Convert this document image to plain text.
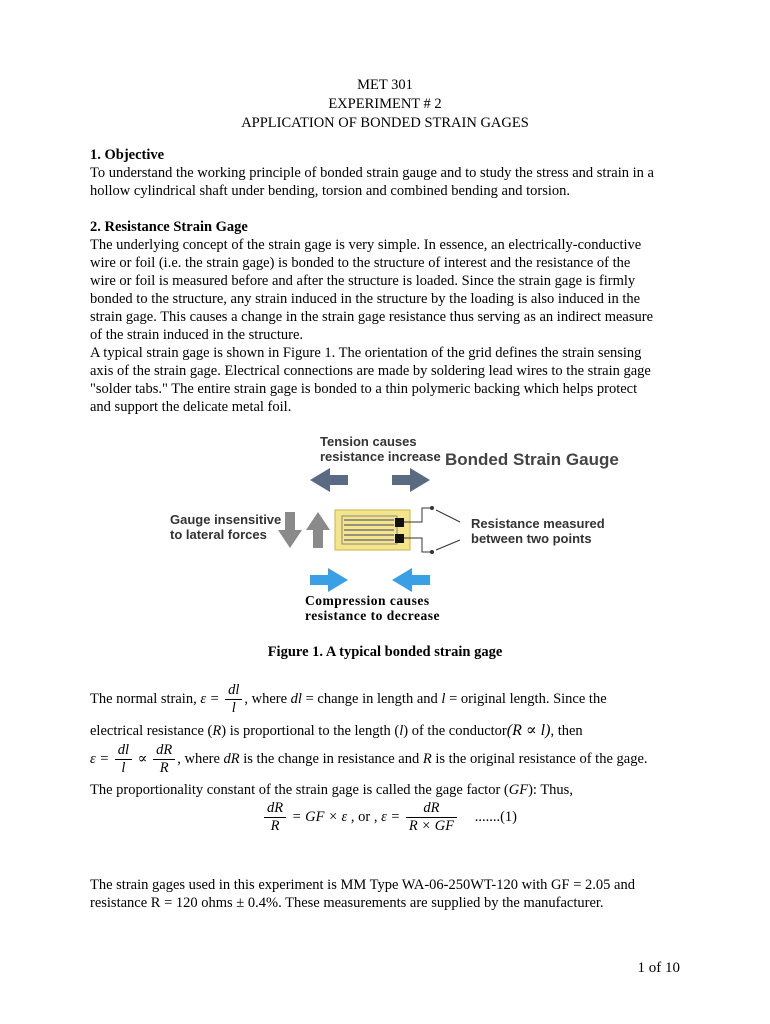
MET 301
EXPERIMENT # 2
APPLICATION OF BONDED STRAIN GAGES
1. Objective
To understand the working principle of bonded strain gauge and to study the stress and strain in a
hollow cylindrical shaft under bending, torsion and combined bending and torsion.
2. Resistance Strain Gage
The underlying concept of the strain gage is very simple. In essence, an electrically-conductive
wire or foil (i.e. the strain gage) is bonded to the structure of interest and the resistance of the
wire or foil is measured before and after the structure is loaded. Since the strain gage is firmly
bonded to the structure, any strain induced in the structure by the loading is also induced in the
strain gage. This causes a change in the strain gage resistance thus serving as an indirect measure
of the strain induced in the structure.
A typical strain gage is shown in Figure 1. The orientation of the grid defines the strain sensing
axis of the strain gage. Electrical connections are made by soldering lead wires to the strain gage
"solder tabs." The entire strain gage is bonded to a thin polymeric backing which helps protect
and support the delicate metal foil.
Tension causes
resistance increase Bonded Strain Gauge
Gauge insensitive
to lateral forces
Resistance measured
between two points
Compression causes
resistance to decrease
Figure 1. A typical bonded strain gage
The normal strain, $\varepsilon = \frac{dl}{l}$ , where dl = change in length and l = original length. Since the
electrical resistance (R) is proportional to the length (l) of the conductor(R ∝ l), then
$\varepsilon = \frac{dl}{l} \propto \frac{dR}{R}$ , where dR is the change in resistance and R is the original resistance of the gage.
The proportionality constant of the strain gage is called the gage factor (GF): Thus,
$\frac{dR}{R}$ = GF × ε , or , $\varepsilon = \frac{dR}{R \times GF} .......(1)$
The strain gages used in this experiment is MM Type WA-06-250WT-120 with GF = 2.05 and
resistance R = 120 ohms ± 0.4%. These measurements are supplied by the manufacturer.
1 of 10
